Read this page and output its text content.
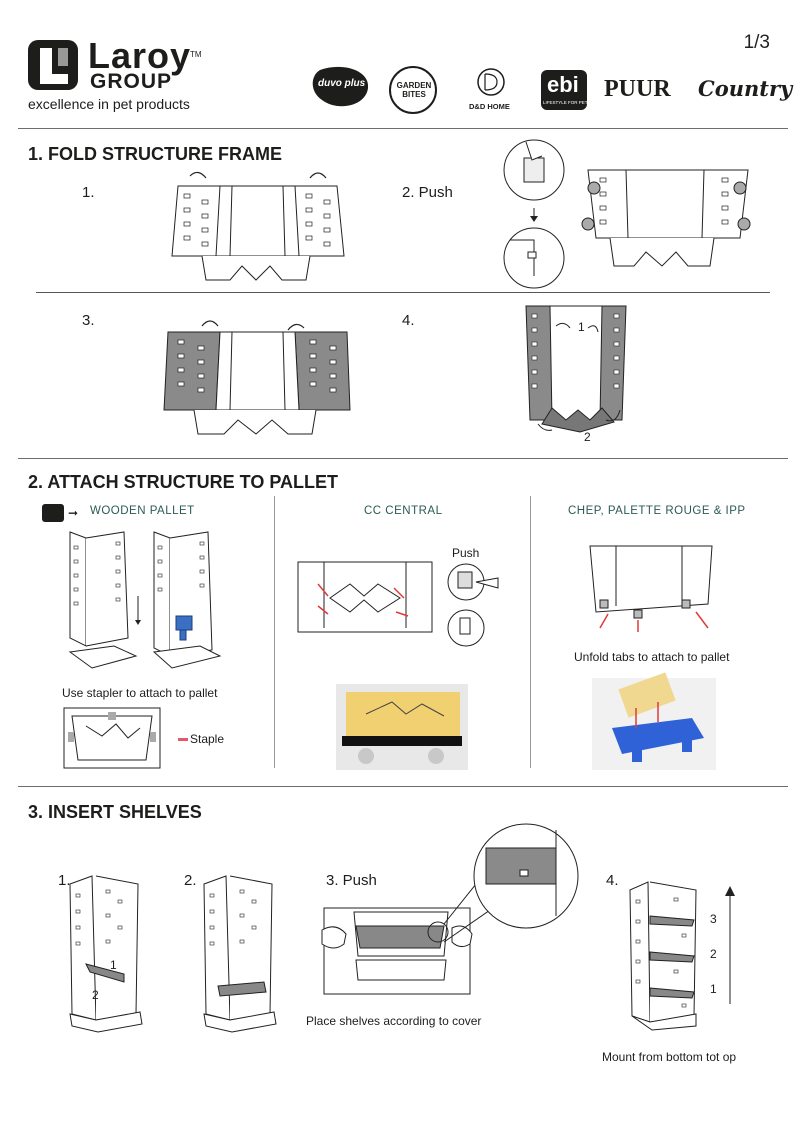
1/3
Laroy
GROUP
TM
excellence in pet products
duvo plus	GARDEN BITES
D&D HOME
ebi
LIFESTYLE FOR PETS
PUUR Country
1. FOLD STRUCTURE FRAME
1.	2. Push
3.	4.	1
2
2. ATTACH STRUCTURE TO PALLET
➞ WOODEN PALLET	CC CENTRAL	CHEP, PALETTE ROUGE & IPP
Use stapler to attach to pallet
Staple
Push
Unfold tabs to attach to pallet
3. INSERT SHELVES
1.	2.	3. Push	4.
1
2
Place shelves according to cover
3
2
1
Mount from bottom tot op
